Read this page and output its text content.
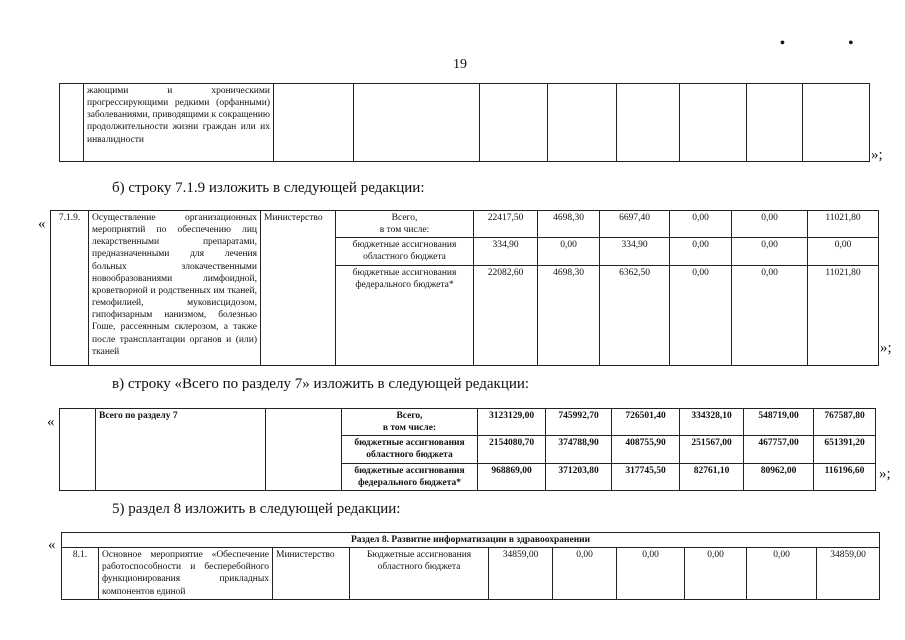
19
• •
	жающими и хроническими прогрессирующими редкими (орфанными) заболеваниями, приводящими к сокращению продолжительности жизни граждан или их инвалидности								
»;
б) строку 7.1.9 изложить в следующей редакции:
« 7.1.9.	Осуществление организационных мероприятий по обеспечению лиц лекарственными препаратами, предназначенными для лечения больных злокачественными новообразованиями лимфоидной, кроветворной и родственных им тканей, гемофилией, муковисцидозом, гипофизарным нанизмом, болезнью Гоше, рассеянным склерозом, а также после трансплантации органов и (или) тканей	Министерство	Всего,
в том числе:	22417,50	4698,30	6697,40	0,00	0,00	11021,80
			бюджетные ассигнования областного бюджета	334,90	0,00	334,90	0,00	0,00	0,00
			бюджетные ассигнования федерального бюджета*	22082,60	4698,30	6362,50	0,00	0,00	11021,80
»;
в) строку «Всего по разделу 7» изложить в следующей редакции:
«
		Всего по разделу 7		Всего,
в том числе:	3123129,00	745992,70	726501,40	334328,10	548719,00	767587,80
			бюджетные ассигнования областного бюджета	2154080,70	374788,90	408755,90	251567,00	467757,00	651391,20
			бюджетные ассигнования федерального бюджета*	968869,00	371203,80	317745,50	82761,10	80962,00	116196,60 »;
5) раздел 8 изложить в следующей редакции:
«	Раздел 8. Развитие информатизации в здравоохранении
8.1.	Основное мероприятие «Обеспечение работоспособности и бесперебойного функционирования прикладных компонентов единой	Министерство	Бюджетные ассигнования областного бюджета	34859,00	0,00	0,00	0,00	0,00	34859,00
